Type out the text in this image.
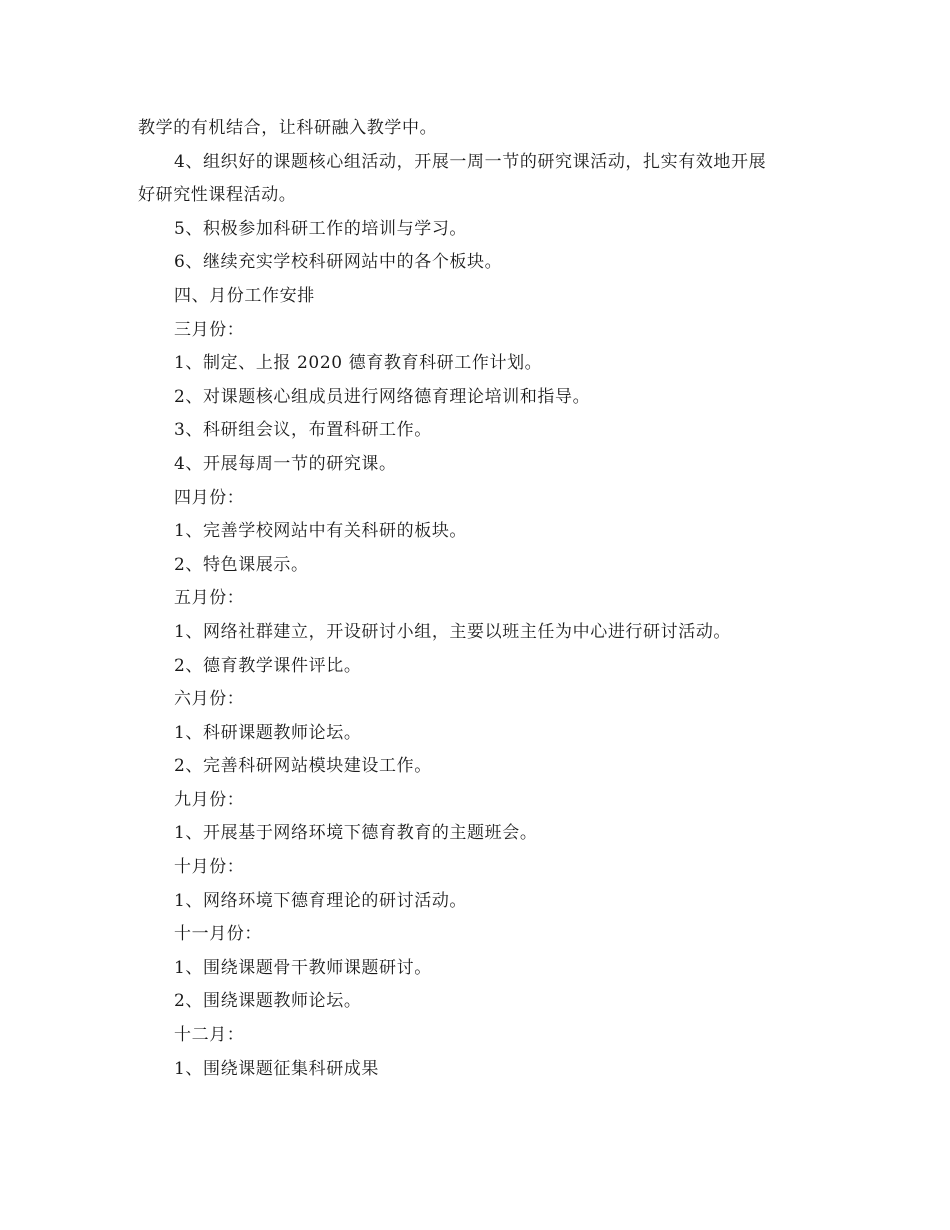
教学的有机结合，让科研融入教学中。
4、组织好的课题核心组活动，开展一周一节的研究课活动，扎实有效地开展
好研究性课程活动。
5、积极参加科研工作的培训与学习。
6、继续充实学校科研网站中的各个板块。
四、月份工作安排
三月份：
1、制定、上报 2020 德育教育科研工作计划。
2、对课题核心组成员进行网络德育理论培训和指导。
3、科研组会议，布置科研工作。
4、开展每周一节的研究课。
四月份：
1、完善学校网站中有关科研的板块。
2、特色课展示。
五月份：
1、网络社群建立，开设研讨小组，主要以班主任为中心进行研讨活动。
2、德育教学课件评比。
六月份：
1、科研课题教师论坛。
2、完善科研网站模块建设工作。
九月份：
1、开展基于网络环境下德育教育的主题班会。
十月份：
1、网络环境下德育理论的研讨活动。
十一月份：
1、围绕课题骨干教师课题研讨。
2、围绕课题教师论坛。
十二月：
1、围绕课题征集科研成果
